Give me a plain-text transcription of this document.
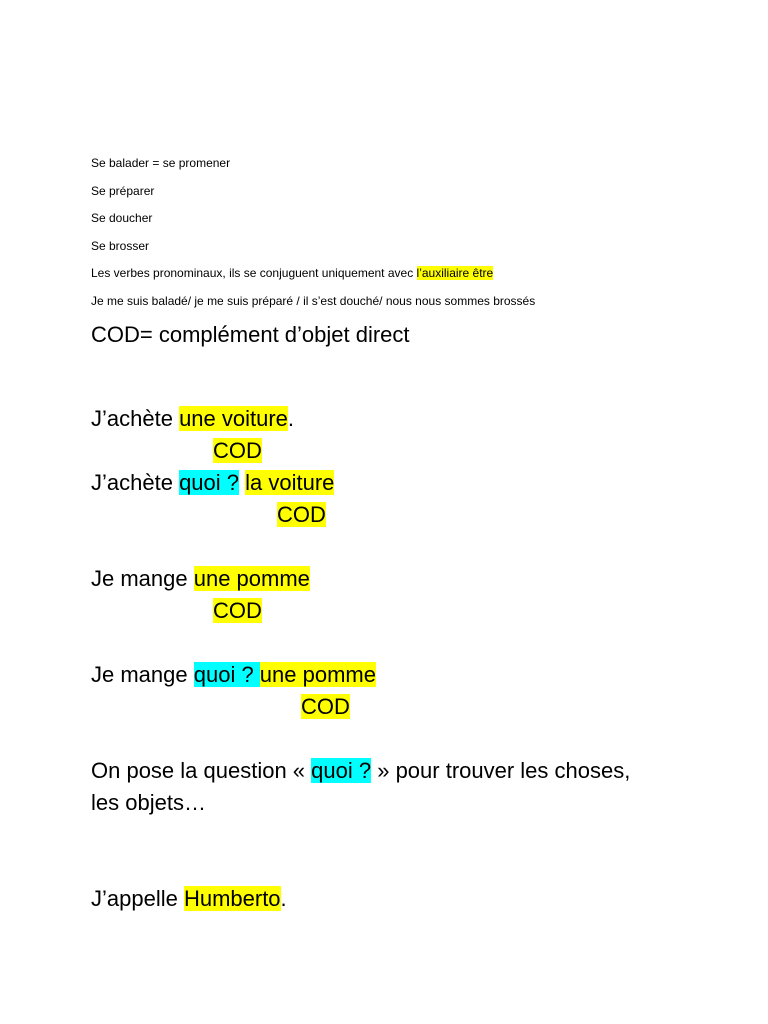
Se balader = se promener
Se préparer
Se doucher
Se brosser
Les verbes pronominaux, ils se conjuguent uniquement avec l’auxiliaire être
Je me suis baladé/ je me suis préparé / il s’est douché/ nous nous sommes brossés
COD= complément d’objet direct
J’achète une voiture.
COD
J’achète quoi ? la voiture
COD
Je mange une pomme
COD
Je mange quoi ? une pomme
COD
On pose la question « quoi ? » pour trouver les choses,
les objets…
J’appelle Humberto.
